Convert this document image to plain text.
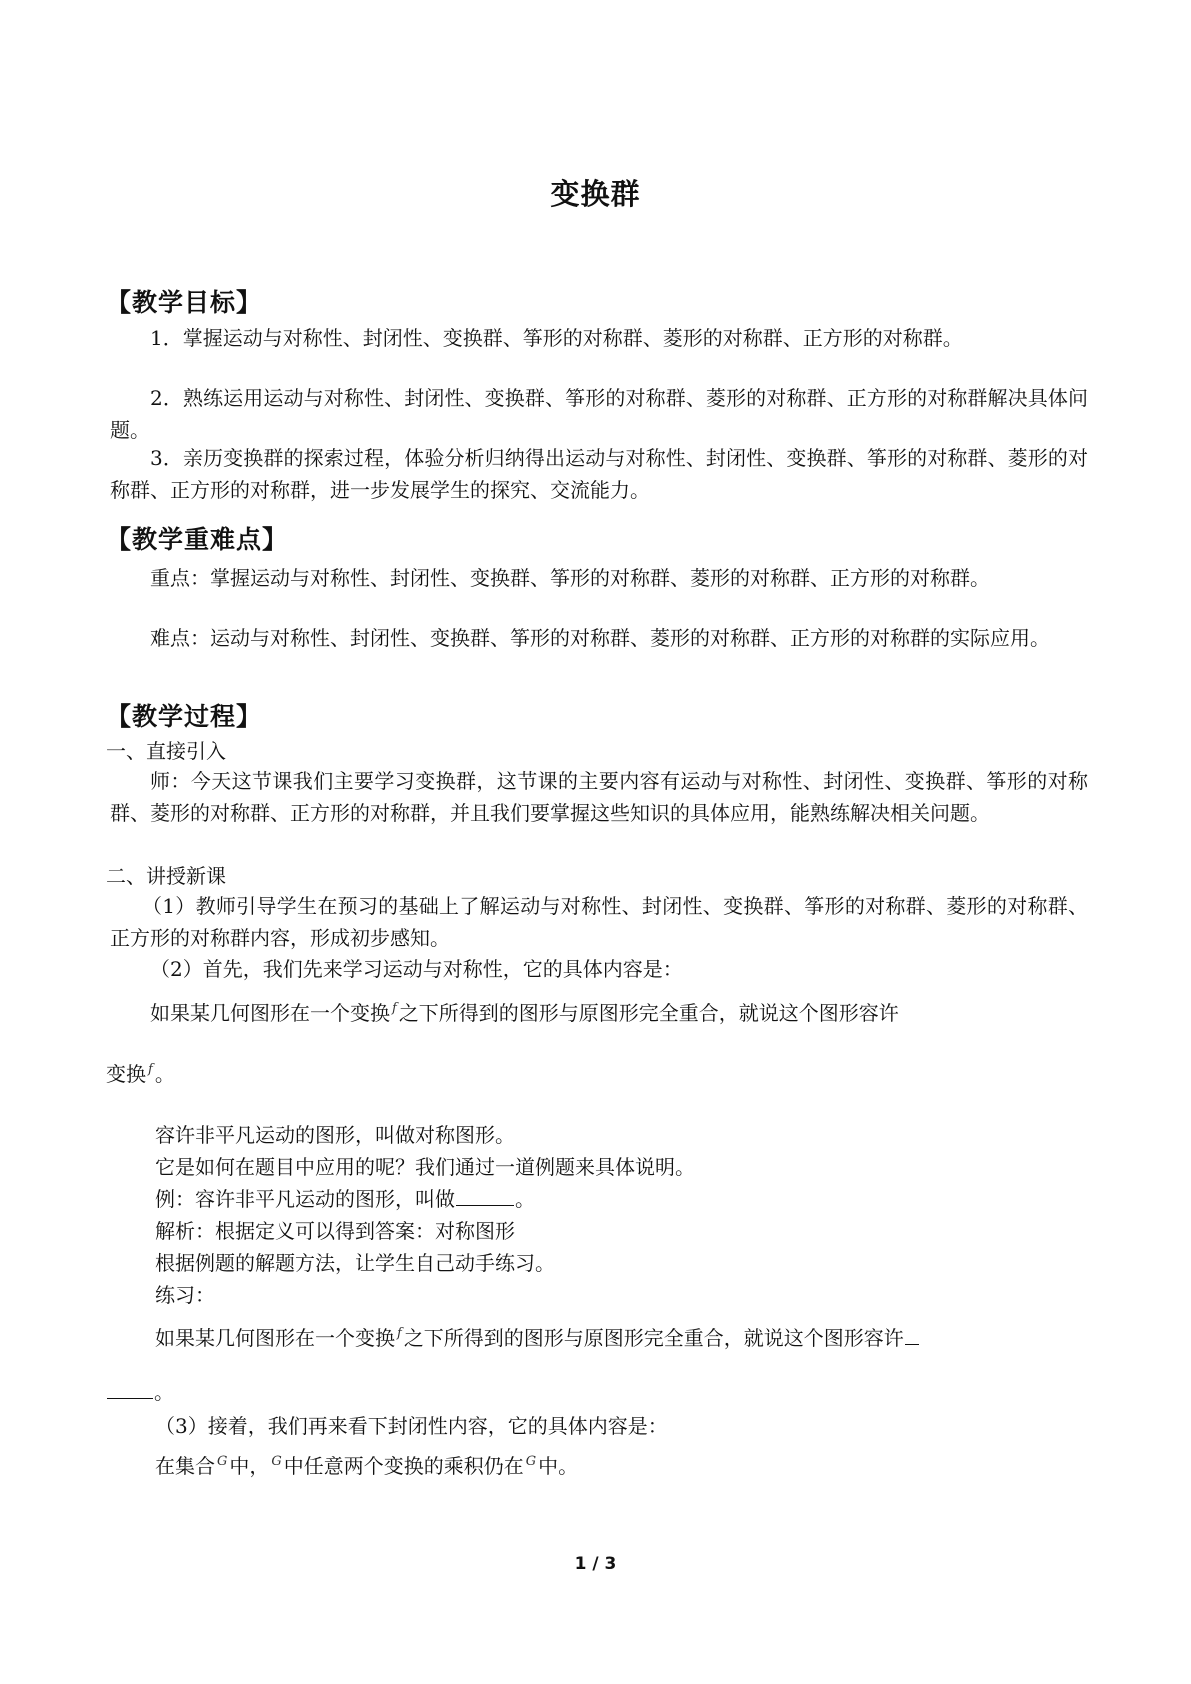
变换群
【教学目标】
1．掌握运动与对称性、封闭性、变换群、筝形的对称群、菱形的对称群、正方形的对称群。
2．熟练运用运动与对称性、封闭性、变换群、筝形的对称群、菱形的对称群、正方形的对称群解决具体问题。
3．亲历变换群的探索过程，体验分析归纳得出运动与对称性、封闭性、变换群、筝形的对称群、菱形的对称群、正方形的对称群，进一步发展学生的探究、交流能力。
【教学重难点】
重点：掌握运动与对称性、封闭性、变换群、筝形的对称群、菱形的对称群、正方形的对称群。
难点：运动与对称性、封闭性、变换群、筝形的对称群、菱形的对称群、正方形的对称群的实际应用。
【教学过程】
一、直接引入
师：今天这节课我们主要学习变换群，这节课的主要内容有运动与对称性、封闭性、变换群、筝形的对称群、菱形的对称群、正方形的对称群，并且我们要掌握这些知识的具体应用，能熟练解决相关问题。
二、讲授新课
（1）教师引导学生在预习的基础上了解运动与对称性、封闭性、变换群、筝形的对称群、菱形的对称群、正方形的对称群内容，形成初步感知。
（2）首先，我们先来学习运动与对称性，它的具体内容是：
如果某几何图形在一个变换 $^f$ 之下所得到的图形与原图形完全重合，就说这个图形容许
变换 $^f$ 。
容许非平凡运动的图形，叫做对称图形。
它是如何在题目中应用的呢？我们通过一道例题来具体说明。
例：容许非平凡运动的图形，叫做	。
解析：根据定义可以得到答案：对称图形
根据例题的解题方法，让学生自己动手练习。
练习：
如果某几何图形在一个变换 $^f$ 之下所得到的图形与原图形完全重合，就说这个图形容许
。
（3）接着，我们再来看下封闭性内容，它的具体内容是：
在集合 $^G$ 中， $^G$ 中任意两个变换的乘积仍在 $^G$ 中。
1 / 3
